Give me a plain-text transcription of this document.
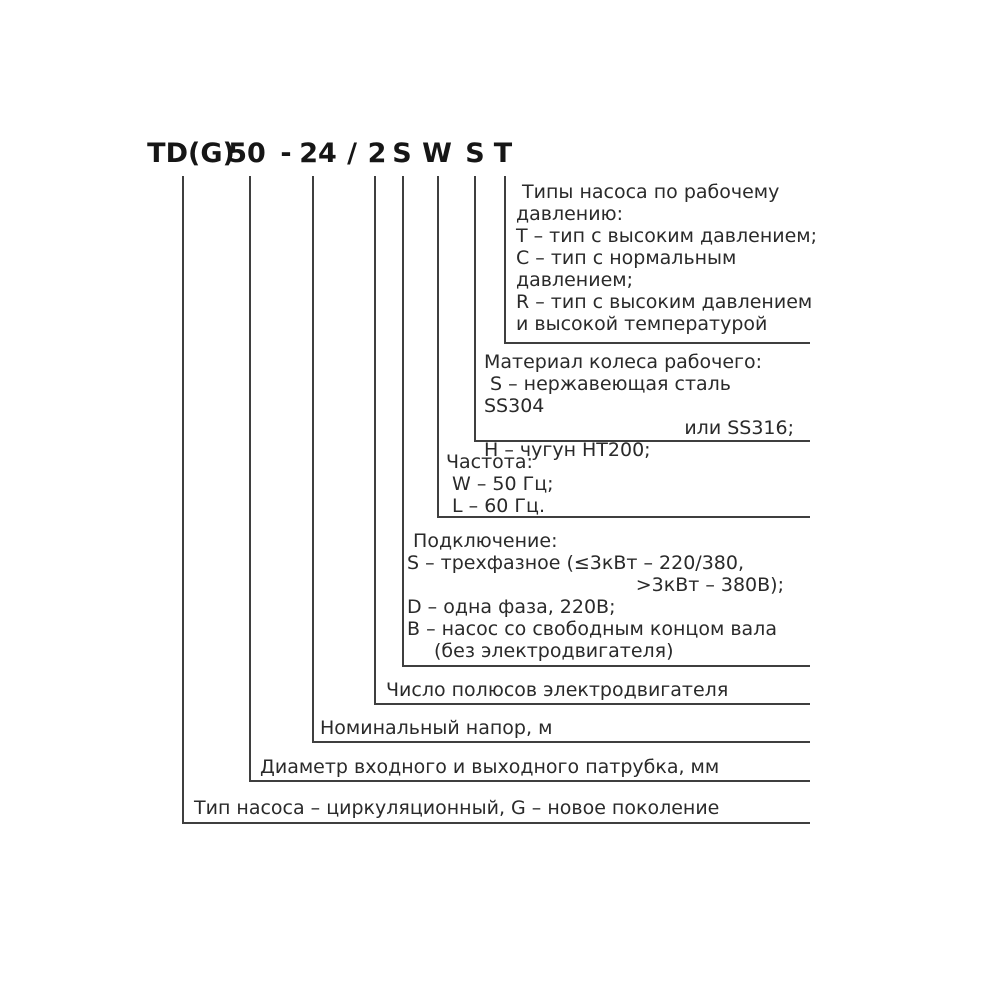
TD(G)
50 - 24 / 2 S W S T
Типы насоса по рабочему
давлению:
Т – тип с высоким давлением;
С – тип с нормальным
давлением;
R – тип с высоким давлением
и высокой температурой
Материал колеса рабочего:
S – нержавеющая сталь SS304
или SS316;
H – чугун HT200;
Частота:
W – 50 Гц;
L – 60 Гц.
Подключение:
S – трехфазное (≤3кВт – 220/380,
>3кВт – 380В);
D – одна фаза, 220В;
B – насос со свободным концом вала
(без электродвигателя)
Число полюсов электродвигателя
Номинальный напор, м
Диаметр входного и выходного патрубка, мм
Тип насоса – циркуляционный, G – новое поколение
